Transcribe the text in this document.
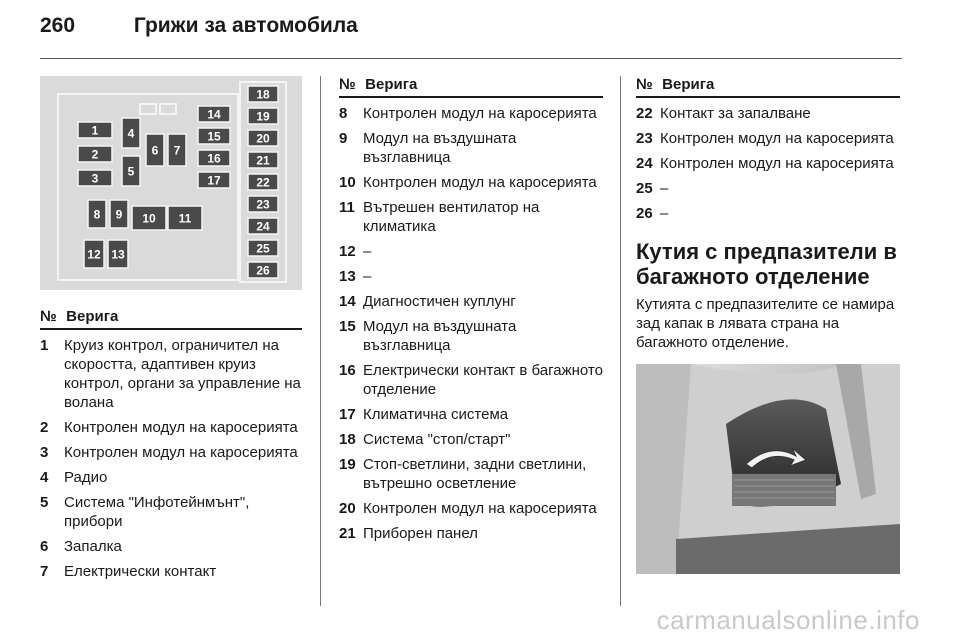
260	Грижи за автомобила
1
2
3
4
5
6 7
8 9 10 11
12 13
14
15
16
17
18
19
20
21
22
23
24
25
26
№ Верига
1	Круиз контрол, ограничител на скоростта, адаптивен круиз контрол, органи за управление на волана
2	Контролен модул на каросерията
3	Контролен модул на каросерията
4	Радио
5	Система "Инфотейнмънт", прибори
6	Запалка
7	Електрически контакт
№ Верига
8	Контролен модул на каросерията
9	Модул на въздушната възглавница
10 Контролен модул на каросерията
11 Вътрешен вентилатор на климатика
12 –
13 –
14 Диагностичен куплунг
15 Модул на въздушната възглавница
16 Електрически контакт в багажното отделение
17 Климатична система
18 Система "стоп/старт"
19 Стоп-светлини, задни светлини, вътрешно осветление
20 Контролен модул на каросерията
21 Приборен панел
№ Верига
22 Контакт за запалване
23 Контролен модул на каросерията
24 Контролен модул на каросерията
25 –
26 –
Кутия с предпазители в багажното отделение
Кутията с предпазителите се намира зад капак в лявата страна на багажното отделение.
carmanualsonline.info
